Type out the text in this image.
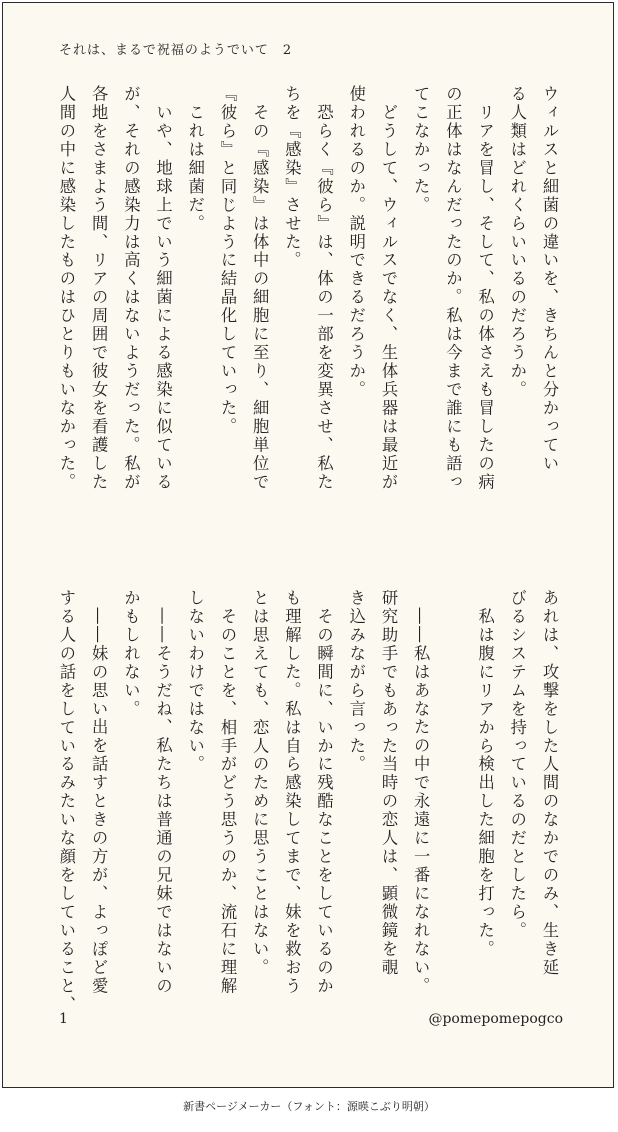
それは、まるで祝福のようでいて　2
ウィルスと細菌の違いを、きちんと分かってい
る人類はどれくらいいるのだろうか。
　リアを冒し、そして、私の体さえも冒したの病
の正体はなんだったのか。私は今まで誰にも語っ
てこなかった。
　どうして、ウィルスでなく、生体兵器は最近が
使われるのか。説明できるだろうか。
　恐らく『彼ら』は、体の一部を変異させ、私た
ちを『感染』させた。
　その『感染』は体中の細胞に至り、細胞単位で
『彼ら』と同じように結晶化していった。
　これは細菌だ。
　いや、地球上でいう細菌による感染に似ている
が、それの感染力は高くはないようだった。私が
各地をさまよう間、リアの周囲で彼女を看護した
人間の中に感染したものはひとりもいなかった。
あれは、攻撃をした人間のなかでのみ、生き延
びるシステムを持っているのだとしたら。
　私は腹にリアから検出した細胞を打った。

　――私はあなたの中で永遠に一番になれない。
研究助手でもあった当時の恋人は、顕微鏡を覗
き込みながら言った。
　その瞬間に、いかに残酷なことをしているのか
も理解した。私は自ら感染してまで、妹を救おう
とは思えても、恋人のために思うことはない。
　そのことを、相手がどう思うのか、流石に理解
しないわけではない。
　――そうだね、私たちは普通の兄妹ではないの
かもしれない。
　――妹の思い出を話すときの方が、よっぽど愛
する人の話をしているみたいな顔をしていること、
1	@pomepomepogco
新書ページメーカー（フォント：源暎こぶり明朝）
